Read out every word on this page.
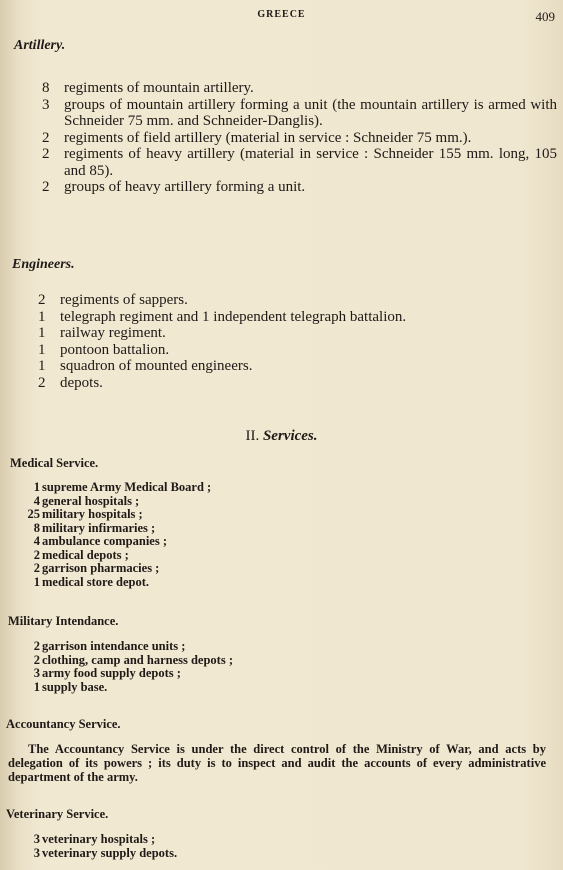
GREECE	409
Artillery.
8 regiments of mountain artillery.
3 groups of mountain artillery forming a unit (the mountain artillery is armed with Schneider 75 mm. and Schneider-Danglis).
2 regiments of field artillery (material in service : Schneider 75 mm.).
2 regiments of heavy artillery (material in service : Schneider 155 mm. long, 105 and 85).
2 groups of heavy artillery forming a unit.
Engineers.
2 regiments of sappers.
1 telegraph regiment and 1 independent telegraph battalion.
1 railway regiment.
1 pontoon battalion.
1 squadron of mounted engineers.
2 depots.
II. Services.
Medical Service.
1 supreme Army Medical Board ;
4 general hospitals ;
25 military hospitals ;
8 military infirmaries ;
4 ambulance companies ;
2 medical depots ;
2 garrison pharmacies ;
1 medical store depot.
Military Intendance.
2 garrison intendance units ;
2 clothing, camp and harness depots ;
3 army food supply depots ;
1 supply base.
Accountancy Service.
The Accountancy Service is under the direct control of the Ministry of War, and acts by delegation of its powers ; its duty is to inspect and audit the accounts of every administrative department of the army.
Veterinary Service.
3 veterinary hospitals ;
3 veterinary supply depots.
